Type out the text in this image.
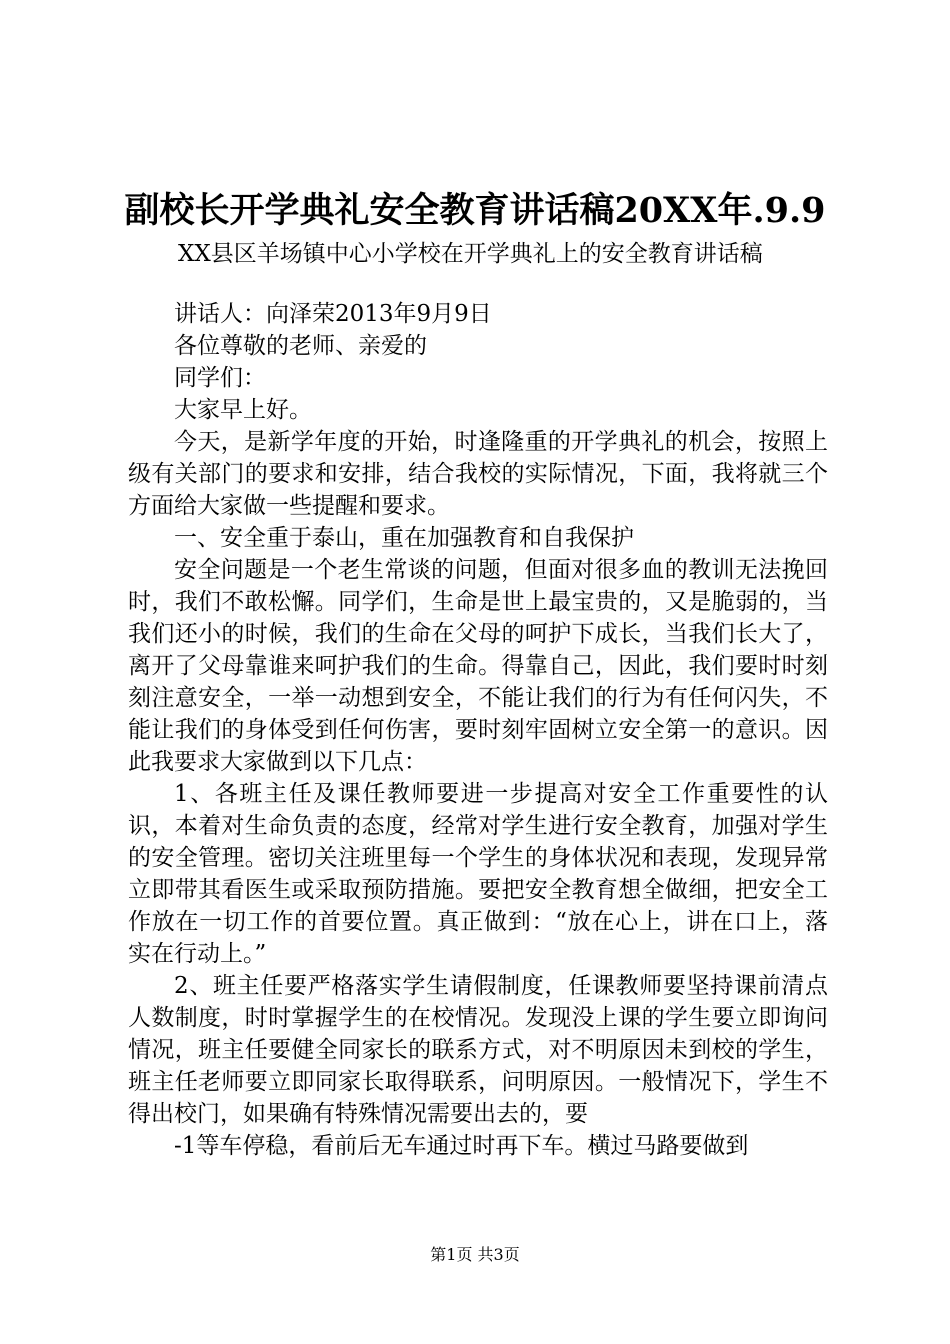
副校长开学典礼安全教育讲话稿20XX年.9.9
XX县区羊场镇中心小学校在开学典礼上的安全教育讲话稿

讲话人：向泽荣2013年9月9日

各位尊敬的老师、亲爱的

同学们：

大家早上好。

今天，是新学年度的开始，时逢隆重的开学典礼的机会，按照上级有关部门的要求和安排，结合我校的实际情况，下面，我将就三个方面给大家做一些提醒和要求。

一、安全重于泰山，重在加强教育和自我保护

安全问题是一个老生常谈的问题，但面对很多血的教训无法挽回时，我们不敢松懈。同学们，生命是世上最宝贵的，又是脆弱的，当我们还小的时候，我们的生命在父母的呵护下成长，当我们长大了，离开了父母靠谁来呵护我们的生命。得靠自己，因此，我们要时时刻刻注意安全，一举一动想到安全，不能让我们的行为有任何闪失，不能让我们的身体受到任何伤害，要时刻牢固树立安全第一的意识。因此我要求大家做到以下几点：

1、各班主任及课任教师要进一步提高对安全工作重要性的认识，本着对生命负责的态度，经常对学生进行安全教育，加强对学生的安全管理。密切关注班里每一个学生的身体状况和表现，发现异常立即带其看医生或采取预防措施。要把安全教育想全做细，把安全工作放在一切工作的首要位置。真正做到：“放在心上，讲在口上，落实在行动上。”

2、班主任要严格落实学生请假制度，任课教师要坚持课前清点人数制度，时时掌握学生的在校情况。发现没上课的学生要立即询问情况，班主任要健全同家长的联系方式，对不明原因未到校的学生，班主任老师要立即同家长取得联系，问明原因。一般情况下，学生不得出校门，如果确有特殊情况需要出去的，要

-1等车停稳，看前后无车通过时再下车。横过马路要做到

第1页 共3页
